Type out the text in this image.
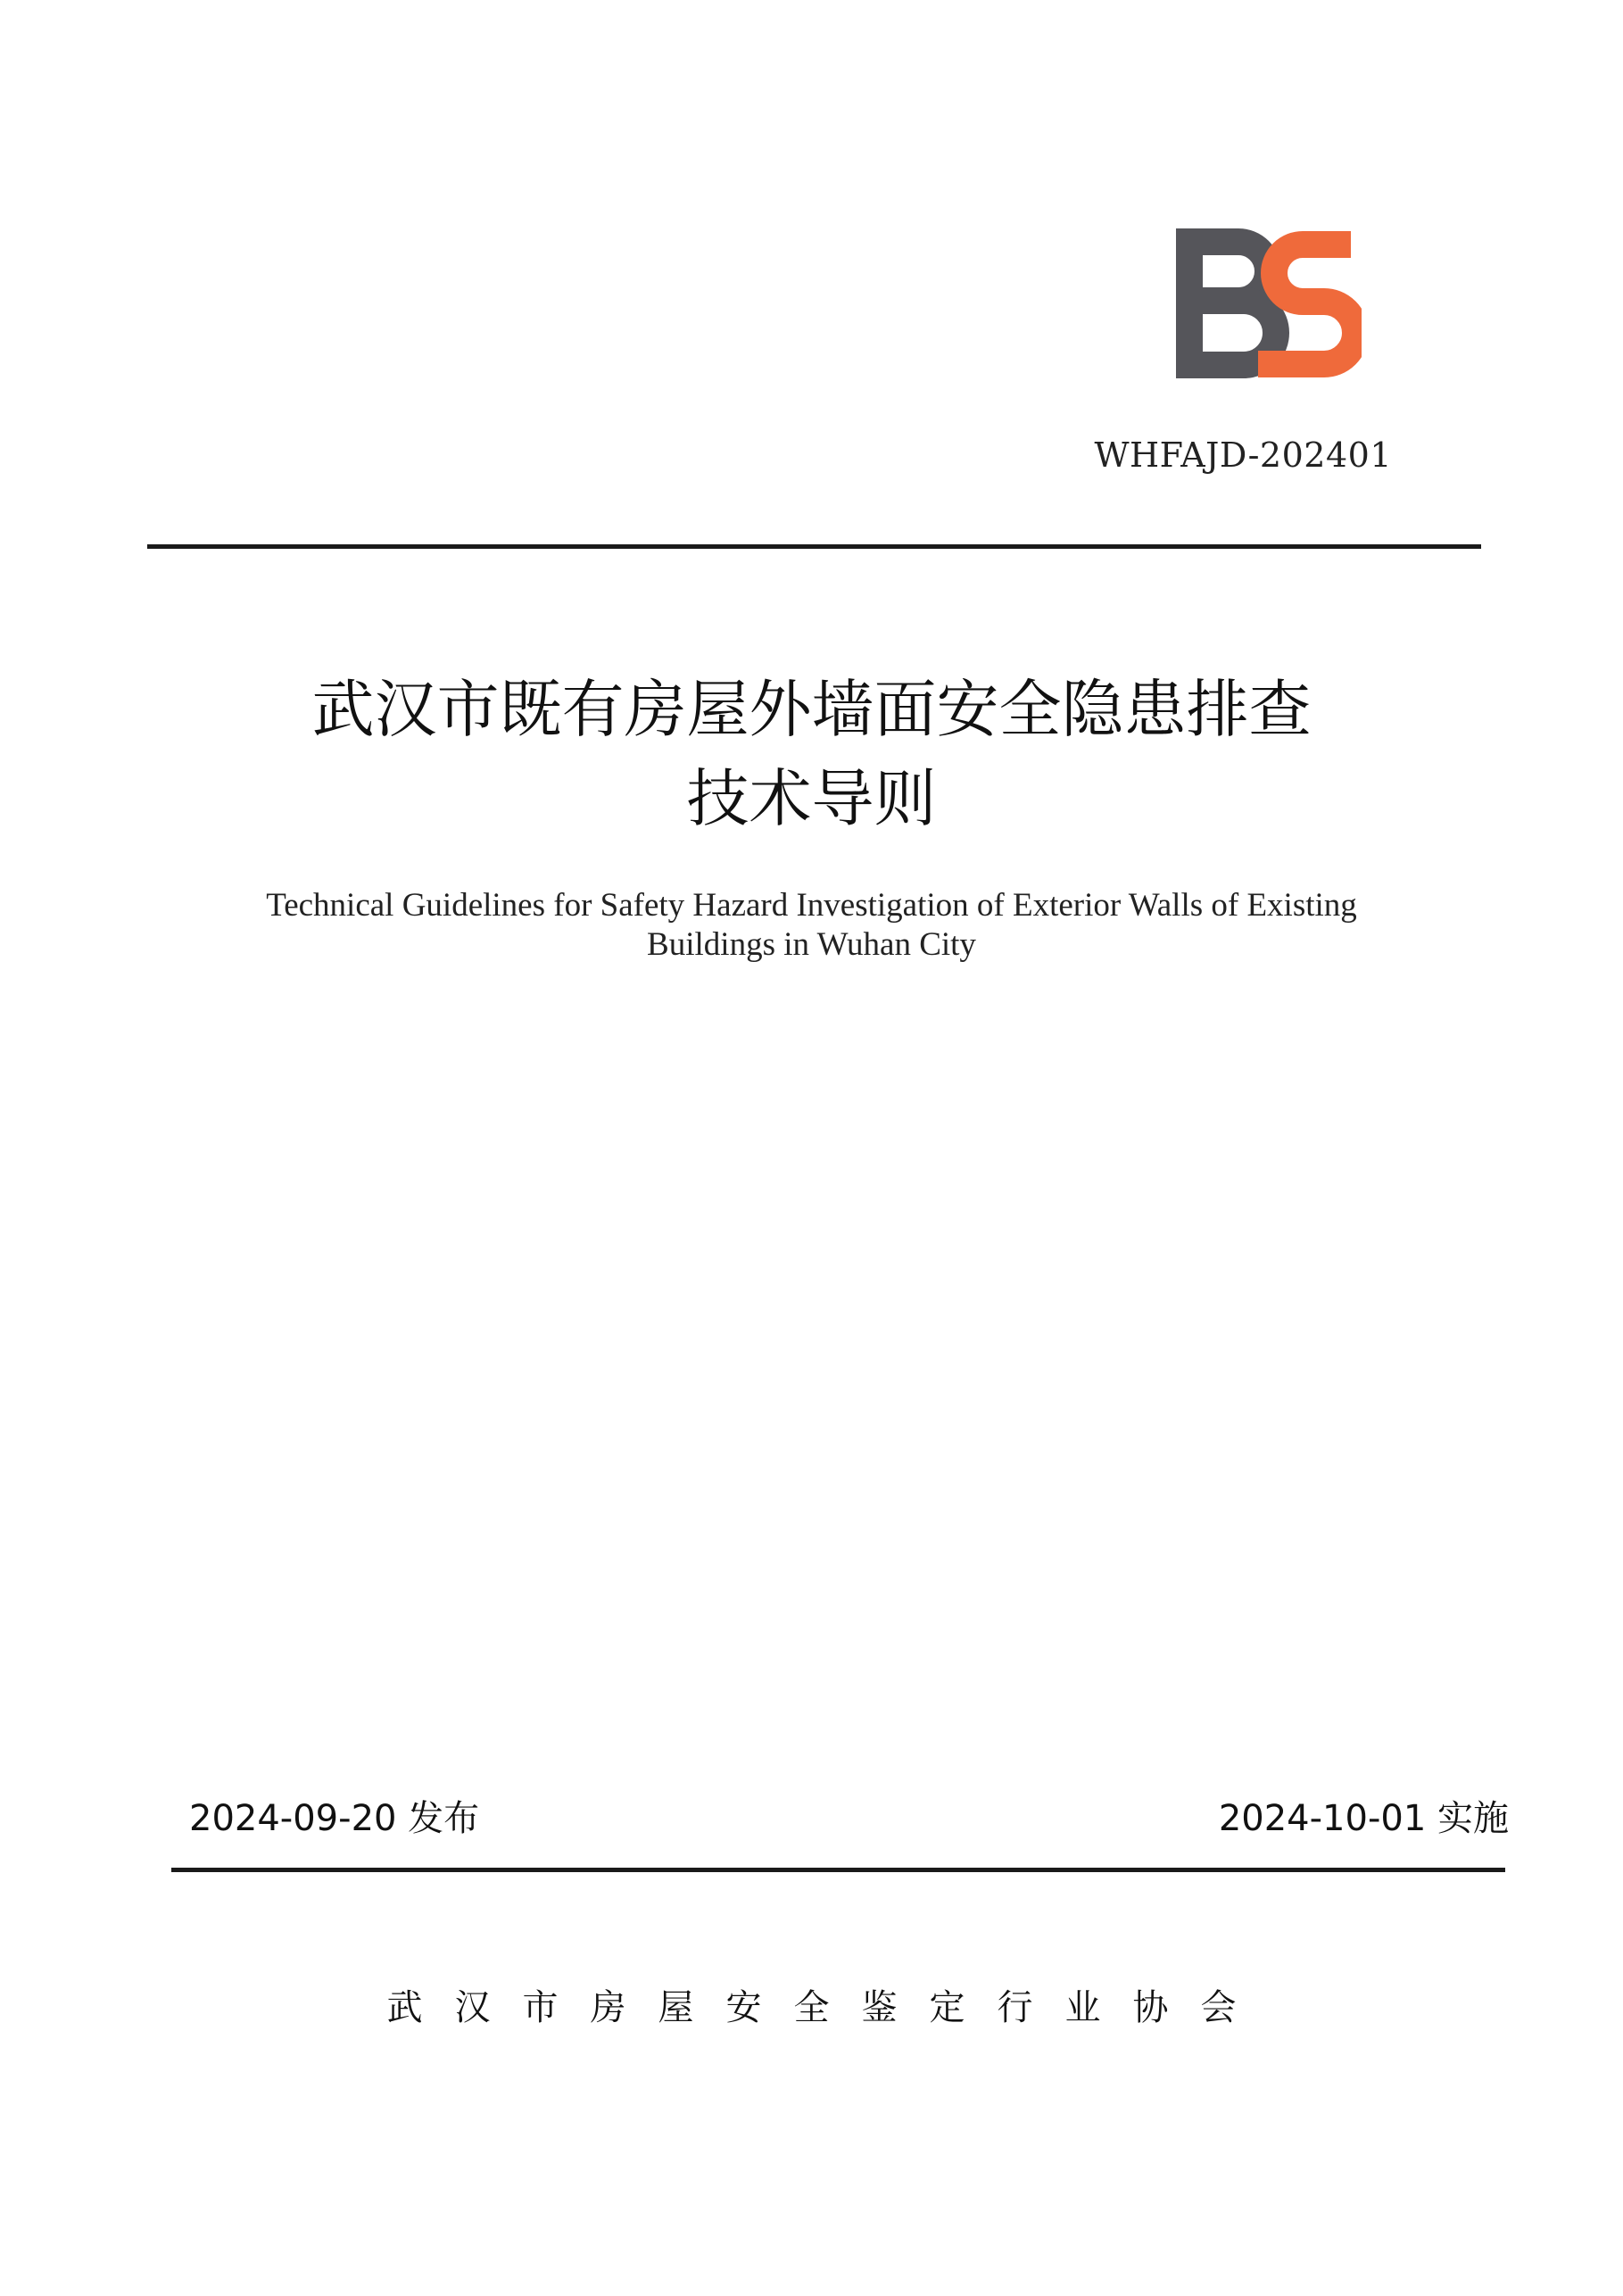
WHFAJD-202401
武汉市既有房屋外墙面安全隐患排查
技术导则
Technical Guidelines for Safety Hazard Investigation of Exterior Walls of Existing
Buildings in Wuhan City
2024-09-20 发布	2024-10-01 实施
武汉市房屋安全鉴定行业协会
